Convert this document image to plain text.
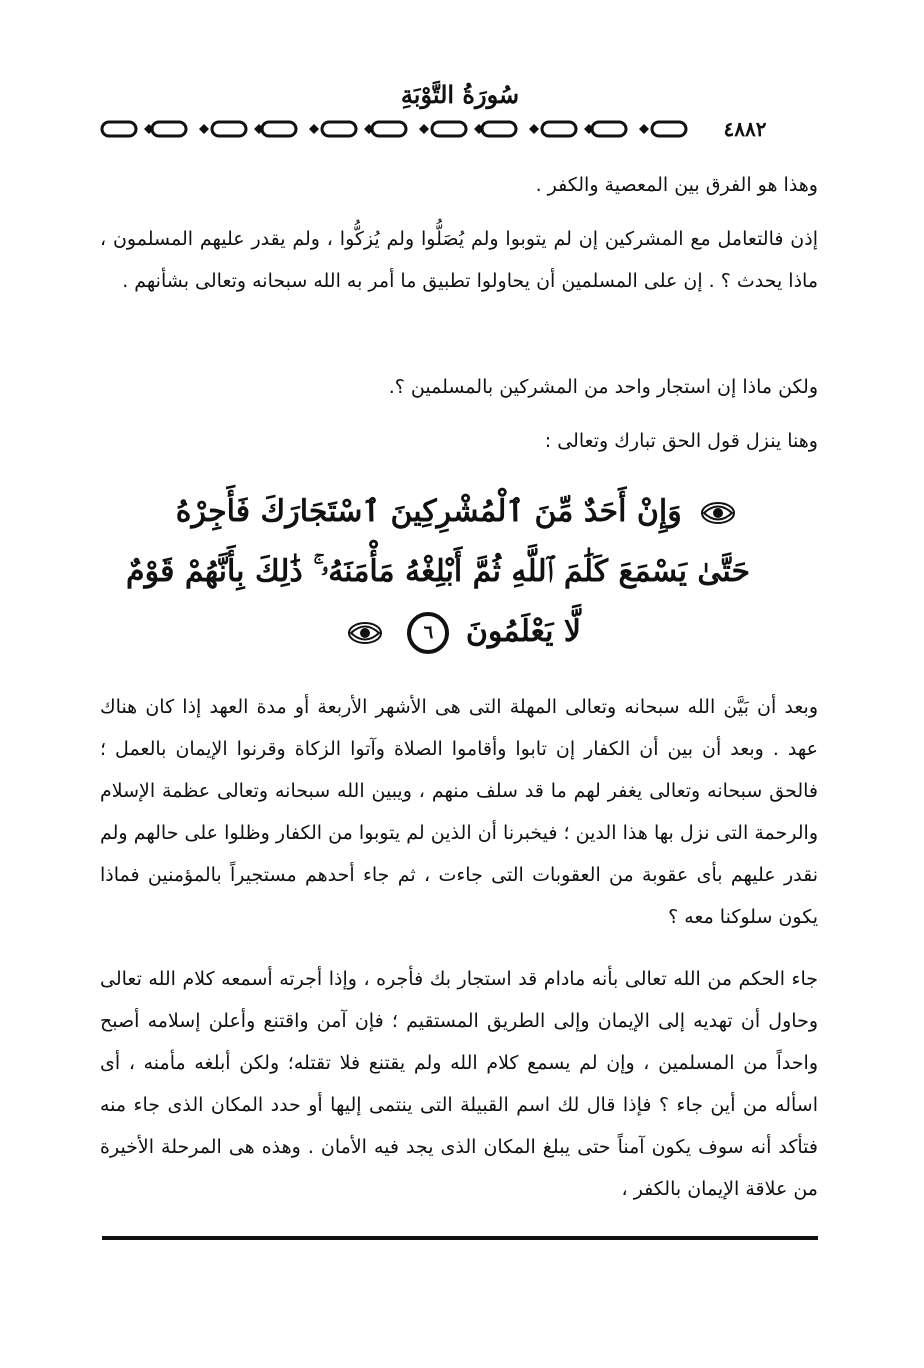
سُورَةُ التَّوْبَةِ
٤٨٨٢

وهذا هو الفرق بين المعصية والكفر .

إذن فالتعامل مع المشركين إن لم يتوبوا ولم يُصَلُّوا ولم يُزكُّوا ، ولم يقدر عليهم المسلمون ، ماذا يحدث ؟ . إن على المسلمين أن يحاولوا تطبيق ما أمر به الله سبحانه وتعالى بشأنهم .

ولكن ماذا إن استجار واحد من المشركين بالمسلمين ؟.

وهنا ينزل قول الحق تبارك وتعالى :

وَإِنْ أَحَدٌ مِّنَ ٱلْمُشْرِكِينَ ٱسْتَجَارَكَ فَأَجِرْهُ
حَتَّىٰ يَسْمَعَ كَلَٰمَ ٱللَّهِ ثُمَّ أَبْلِغْهُ مَأْمَنَهُۥ ۚ ذَٰلِكَ بِأَنَّهُمْ قَوْمٌ
لَّا يَعْلَمُونَ ٦

وبعد أن بَيَّن الله سبحانه وتعالى المهلة التى هى الأشهر الأربعة أو مدة العهد إذا كان هناك عهد . وبعد أن بين أن الكفار إن تابوا وأقاموا الصلاة وآتوا الزكاة وقرنوا الإيمان بالعمل ؛ فالحق سبحانه وتعالى يغفر لهم ما قد سلف منهم ، ويبين الله سبحانه وتعالى عظمة الإسلام والرحمة التى نزل بها هذا الدين ؛ فيخبرنا أن الذين لم يتوبوا من الكفار وظلوا على حالهم ولم نقدر عليهم بأى عقوبة من العقوبات التى جاءت ، ثم جاء أحدهم مستجيراً بالمؤمنين فماذا يكون سلوكنا معه ؟

جاء الحكم من الله تعالى بأنه مادام قد استجار بك فأجره ، وإذا أجرته أسمعه كلام الله تعالى وحاول أن تهديه إلى الإيمان وإلى الطريق المستقيم ؛ فإن آمن واقتنع وأعلن إسلامه أصبح واحداً من المسلمين ، وإن لم يسمع كلام الله ولم يقتنع فلا تقتله؛ ولكن أبلغه مأمنه ، أى اسأله من أين جاء ؟ فإذا قال لك اسم القبيلة التى ينتمى إليها أو حدد المكان الذى جاء منه فتأكد أنه سوف يكون آمناً حتى يبلغ المكان الذى يجد فيه الأمان . وهذه هى المرحلة الأخيرة من علاقة الإيمان بالكفر ،
